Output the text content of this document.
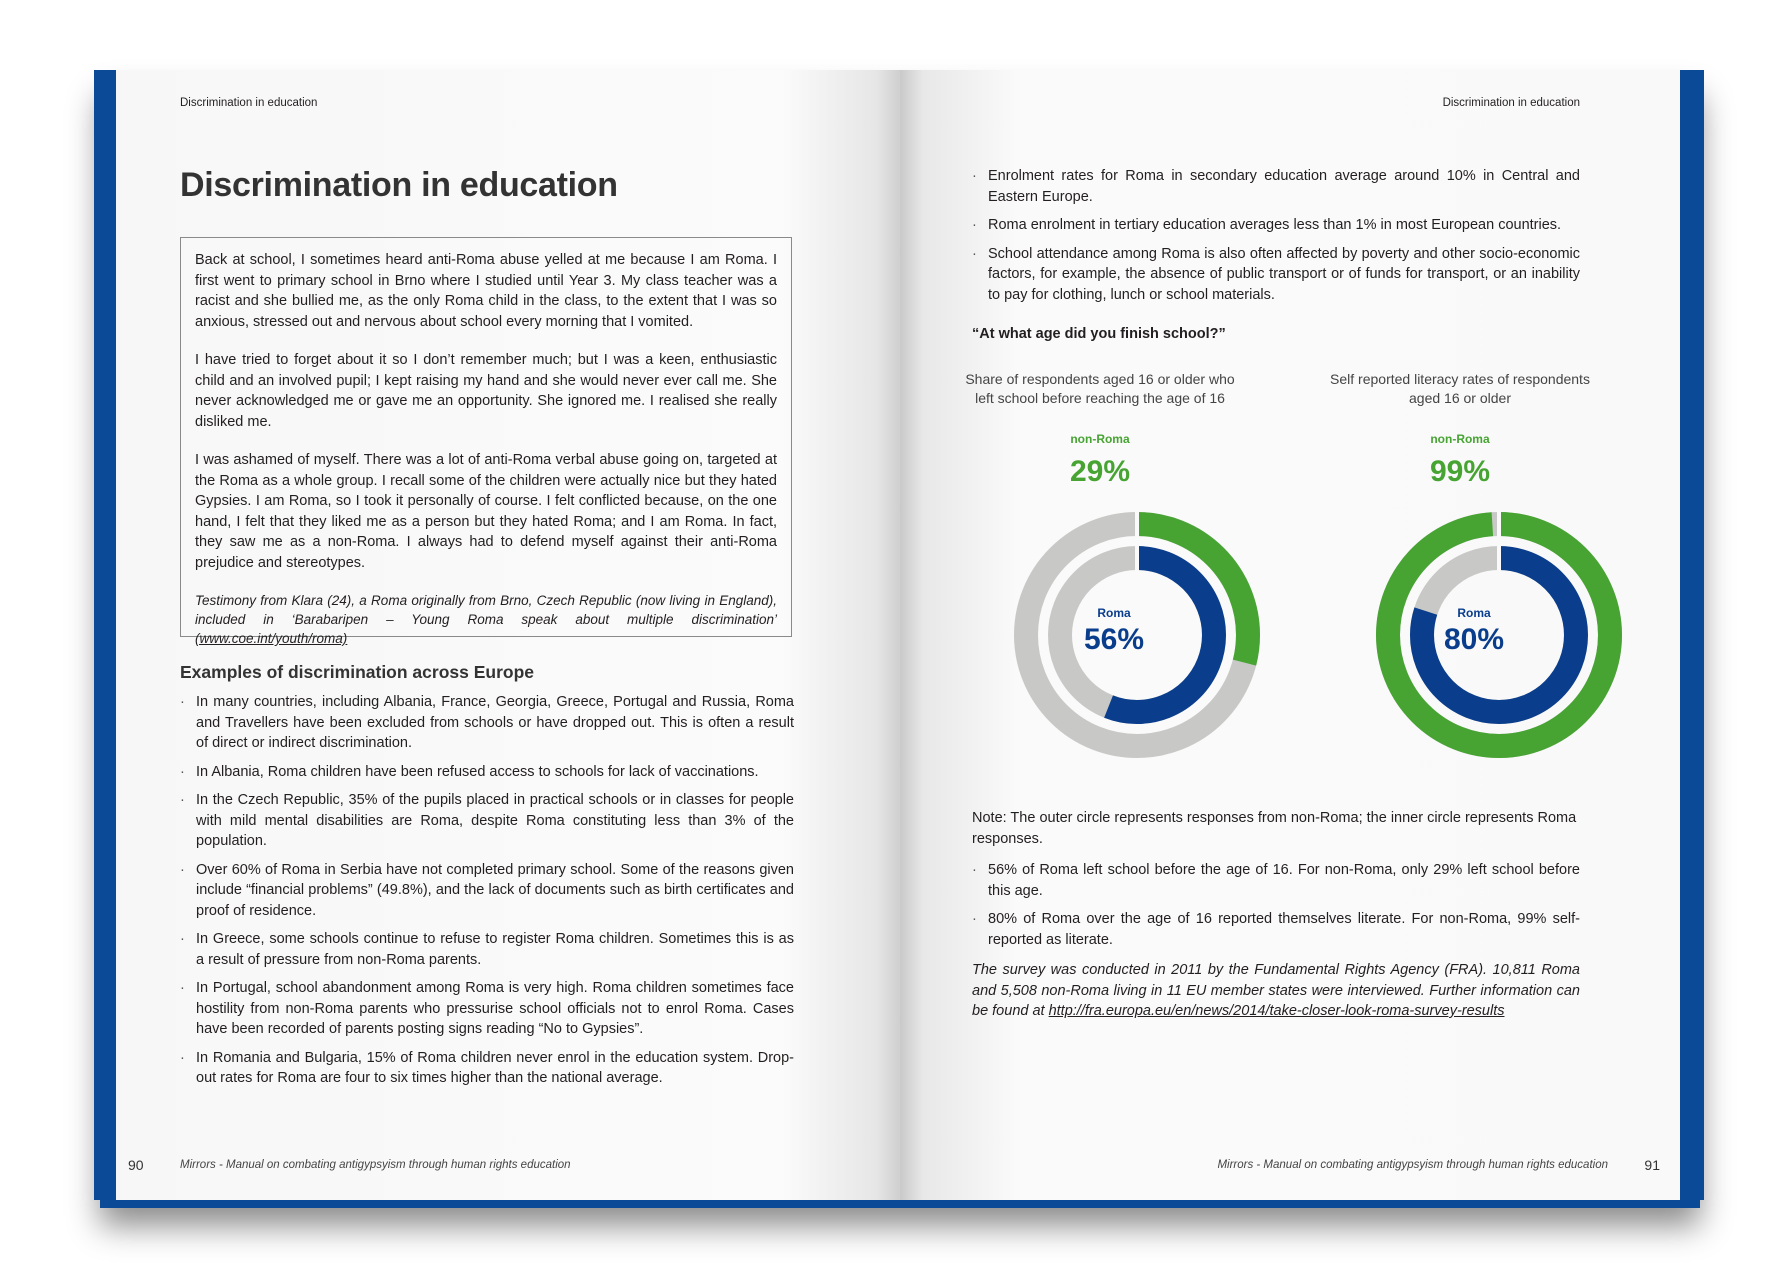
Discrimination in education
Discrimination in education

Back at school, I sometimes heard anti-Roma abuse yelled at me because I am Roma. I first went to primary school in Brno where I studied until Year 3. My class teacher was a racist and she bullied me, as the only Roma child in the class, to the extent that I was so anxious, stressed out and nervous about school every morning that I vomited.

I have tried to forget about it so I don’t remember much; but I was a keen, enthusiastic child and an involved pupil; I kept raising my hand and she would never ever call me. She never acknowledged me or gave me an opportunity. She ignored me. I realised she really disliked me.

I was ashamed of myself. There was a lot of anti-Roma verbal abuse going on, targeted at the Roma as a whole group. I recall some of the children were actually nice but they hated Gypsies. I am Roma, so I took it personally of course. I felt conflicted because, on the one hand, I felt that they liked me as a person but they hated Roma; and I am Roma. In fact, they saw me as a non-Roma. I always had to defend myself against their anti-Roma prejudice and stereotypes.

Testimony from Klara (24), a Roma originally from Brno, Czech Republic (now living in England), included in ‘Barabaripen – Young Roma speak about multiple discrimination’ (www.coe.int/youth/roma)

Examples of discrimination across Europe
· In many countries, including Albania, France, Georgia, Greece, Portugal and Russia, Roma and Travellers have been excluded from schools or have dropped out. This is often a result of direct or indirect discrimination.
· In Albania, Roma children have been refused access to schools for lack of vaccinations.
· In the Czech Republic, 35% of the pupils placed in practical schools or in classes for people with mild mental disabilities are Roma, despite Roma constituting less than 3% of the population.
· Over 60% of Roma in Serbia have not completed primary school. Some of the reasons given include “financial problems” (49.8%), and the lack of documents such as birth certificates and proof of residence.
· In Greece, some schools continue to refuse to register Roma children. Sometimes this is as a result of pressure from non-Roma parents.
· In Portugal, school abandonment among Roma is very high. Roma children sometimes face hostility from non-Roma parents who pressurise school officials not to enrol Roma. Cases have been recorded of parents posting signs reading “No to Gypsies”.
· In Romania and Bulgaria, 15% of Roma children never enrol in the education system. Drop-out rates for Roma are four to six times higher than the national average.
90	Mirrors - Manual on combating antigypsyism through human rights education
Discrimination in education
· Enrolment rates for Roma in secondary education average around 10% in Central and Eastern Europe.
· Roma enrolment in tertiary education averages less than 1% in most European countries.
· School attendance among Roma is also often affected by poverty and other socio-economic factors, for example, the absence of public transport or of funds for transport, or an inability to pay for clothing, lunch or school materials.
“At what age did you finish school?”
Share of respondents aged 16 or older who left school before reaching the age of 16
Self reported literacy rates of respondents aged 16 or older
non-Roma
29%
Roma
56%
non-Roma
99%
Roma
80%
Note: The outer circle represents responses from non-Roma; the inner circle represents Roma responses.
· 56% of Roma left school before the age of 16. For non-Roma, only 29% left school before this age.
· 80% of Roma over the age of 16 reported themselves literate. For non-Roma, 99% self-reported as literate.
The survey was conducted in 2011 by the Fundamental Rights Agency (FRA). 10,811 Roma and 5,508 non-Roma living in 11 EU member states were interviewed. Further information can be found at http://fra.europa.eu/en/news/2014/take-closer-look-roma-survey-results
Mirrors - Manual on combating antigypsyism through human rights education	91
